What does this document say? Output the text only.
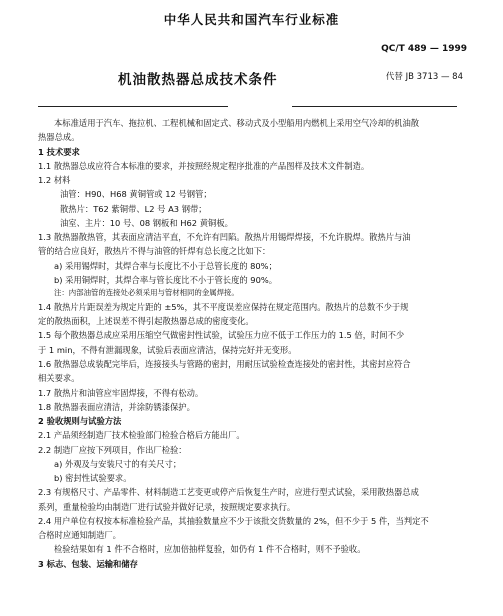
中华人民共和国汽车行业标准
QC/T 489 — 1999
机油散热器总成技术条件	代替 JB 3713 — 84

本标准适用于汽车、拖拉机、工程机械和固定式、移动式及小型船用内燃机上采用空气冷却的机油散

热器总成。

1 技术要求

1.1 散热器总成应符合本标准的要求，并按照经规定程序批准的产品图样及技术文件制造。

1.2 材料

油管：H90、H68 黄铜管或 12 号钢管；

散热片：T62 紫铜带、L2 号 A3 钢带；

油室、主片：10 号、08 钢板和 H62 黄铜板。

1.3 散热器散热管，其表面应清洁平直，不允许有凹陷。散热片用锡焊焊接，不允许脱焊。散热片与油

管的结合应良好，散热片不得与油管的钎焊有总长度之比如下：

a) 采用锡焊时，其焊合率与长度比不小于总管长度的 80%；

b) 采用铜焊时，其焊合率与管长度比不小于管长度的 90%。

注：内部油管的连接处必须采用与管材相同的金属焊接。

1.4 散热片片距误差为规定片距的 ±5%，其不平度误差应保持在规定范围内。散热片的总数不少于规

定的散热面积，上述误差不得引起散热器总成的密度变化。

1.5 每个散热器总成应采用压缩空气做密封性试验，试验压力应不低于工作压力的 1.5 倍，时间不少

于 1 min，不得有泄漏现象，试验后表面应清洁，保持完好并无变形。

1.6 散热器总成装配完毕后，连接接头与管路的密封，用耐压试验检查连接处的密封性，其密封应符合

相关要求。

1.7 散热片和油管应牢固焊接，不得有松动。

1.8 散热器表面应清洁，并涂防锈漆保护。

2 验收规则与试验方法

2.1 产品须经制造厂技术检验部门检验合格后方能出厂。

2.2 制造厂应按下列项目，作出厂检验：

a) 外观及与安装尺寸的有关尺寸；

b) 密封性试验要求。

2.3 有规格尺寸、产品零件、材料制造工艺变更或停产后恢复生产时，应进行型式试验，采用散热器总成

系列，重量检验均由制造厂进行试验并做好记录，按照规定要求执行。

2.4 用户单位有权按本标准检验产品，其抽验数量应不少于该批交货数量的 2%，但不少于 5 件，当判定不

合格时应通知制造厂。

检验结果如有 1 件不合格时，应加倍抽样复验，如仍有 1 件不合格时，则不予验收。

3 标志、包装、运输和储存
